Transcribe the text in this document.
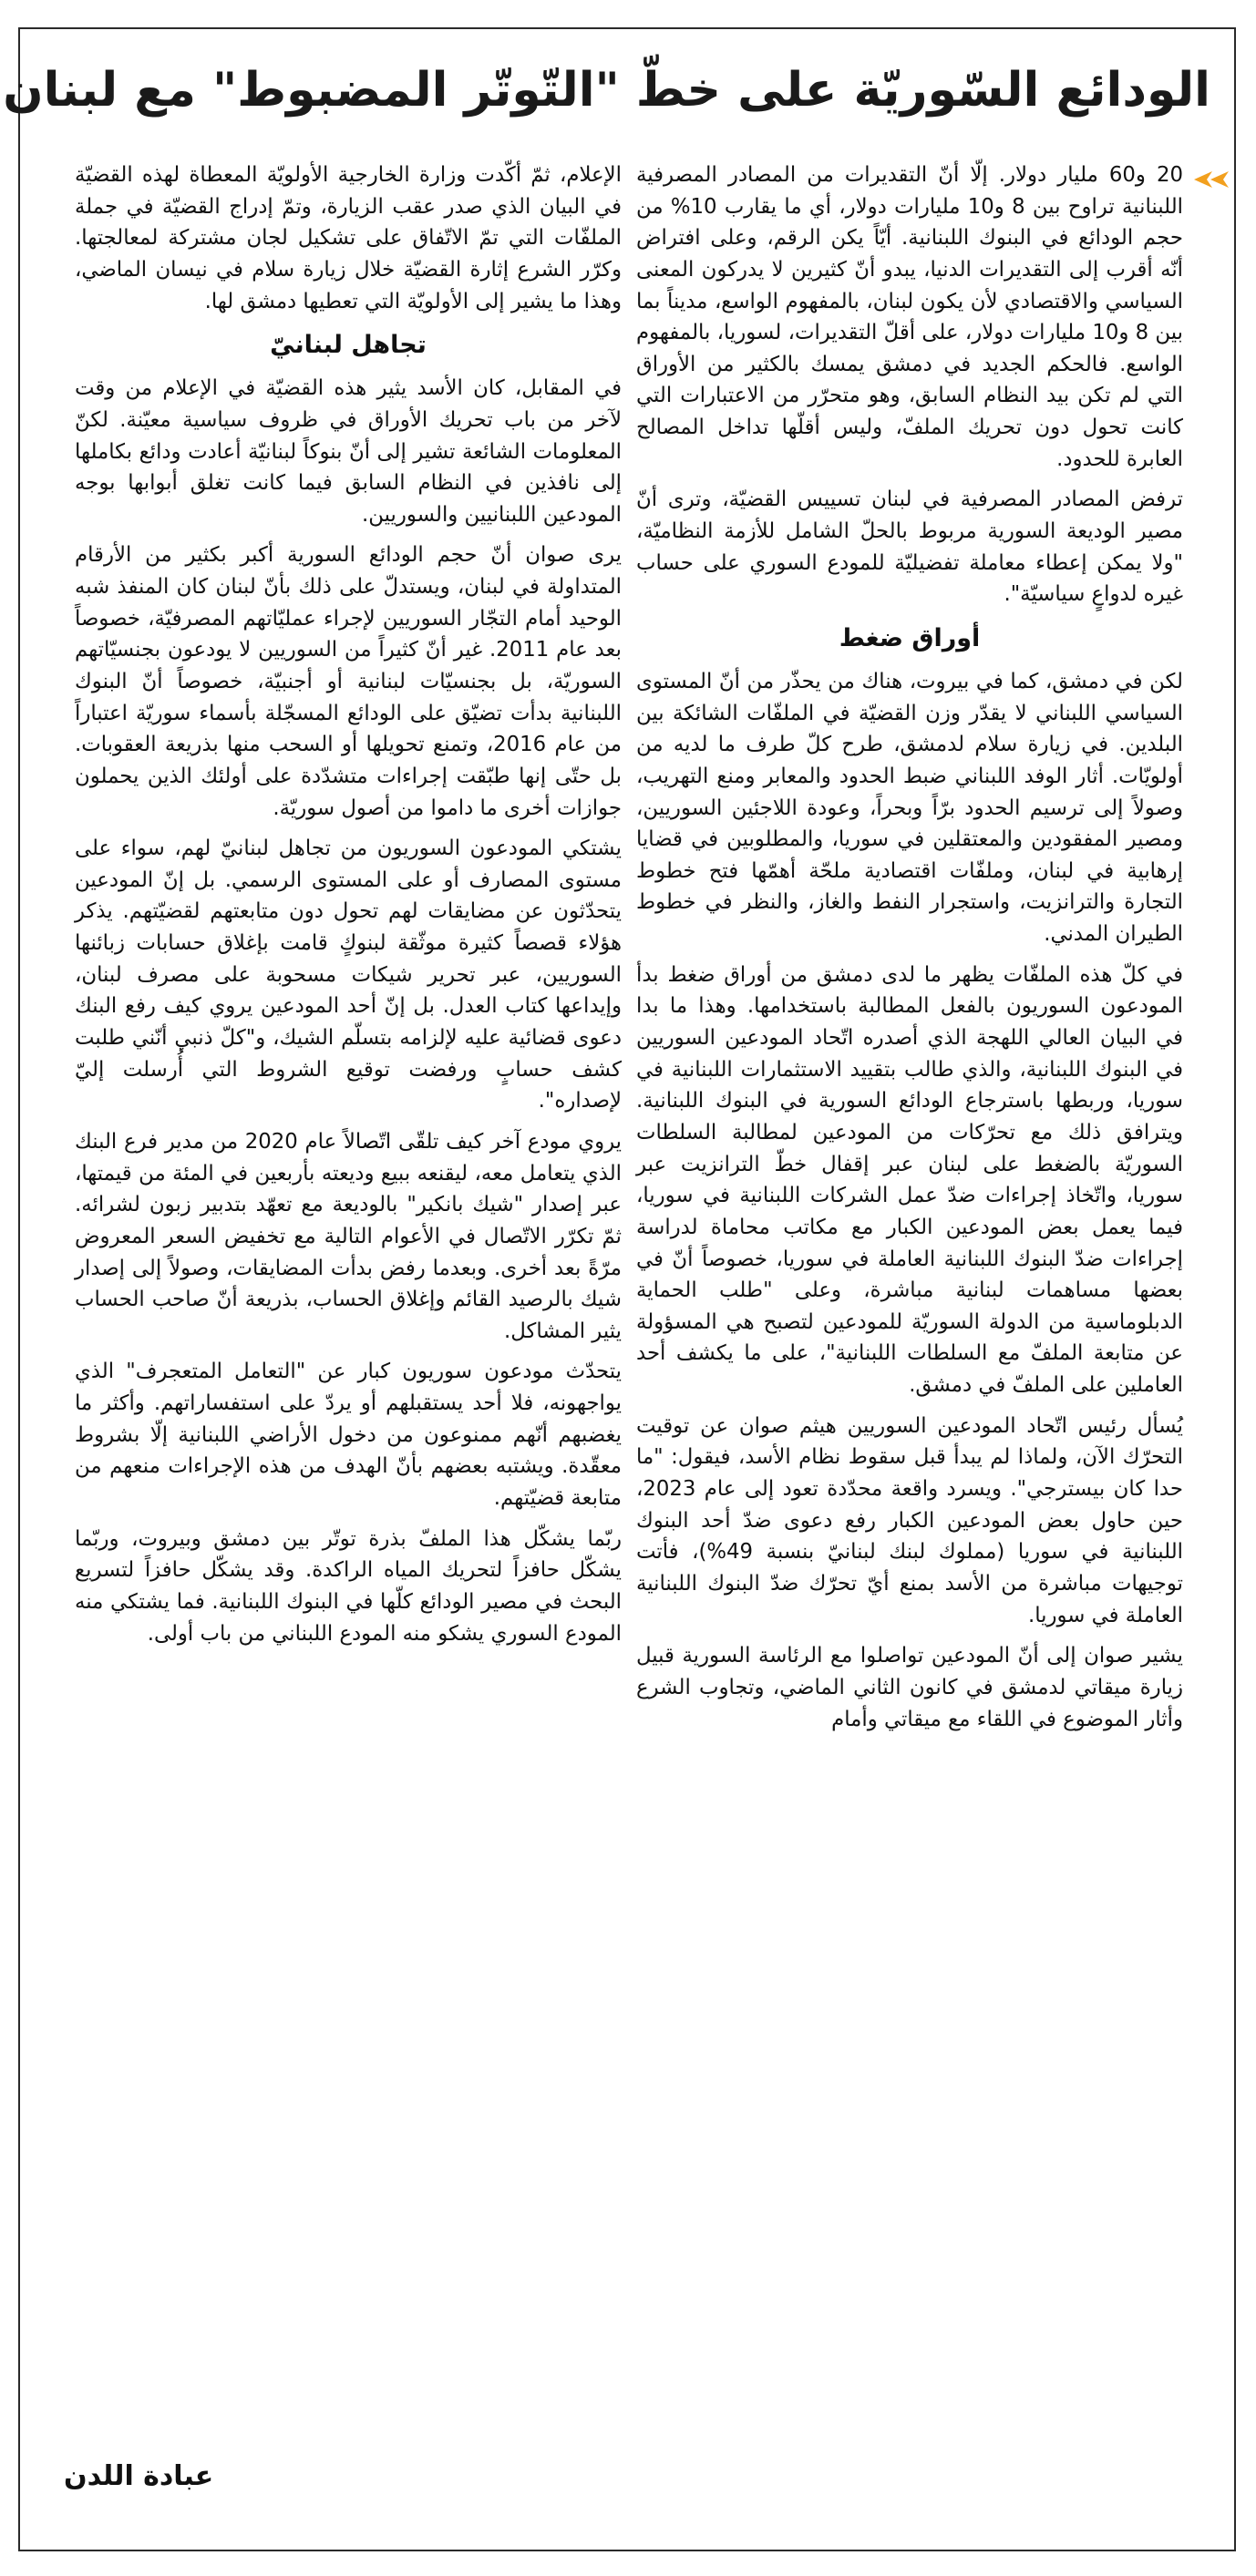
الودائع السّوريّة على خطّ "التّوتّر المضبوط" مع لبنان

20 و60 مليار دولار. إلّا أنّ التقديرات من المصادر المصرفية اللبنانية تراوح بين 8 و10 مليارات دولار، أي ما يقارب 10% من حجم الودائع في البنوك اللبنانية. أيّاً يكن الرقم، وعلى افتراض أنّه أقرب إلى التقديرات الدنيا، يبدو أنّ كثيرين لا يدركون المعنى السياسي والاقتصادي لأن يكون لبنان، بالمفهوم الواسع، مديناً بما بين 8 و10 مليارات دولار، على أقلّ التقديرات، لسوريا، بالمفهوم الواسع. فالحكم الجديد في دمشق يمسك بالكثير من الأوراق التي لم تكن بيد النظام السابق، وهو متحرّر من الاعتبارات التي كانت تحول دون تحريك الملفّ، وليس أقلّها تداخل المصالح العابرة للحدود.

ترفض المصادر المصرفية في لبنان تسييس القضيّة، وترى أنّ مصير الوديعة السورية مربوط بالحلّ الشامل للأزمة النظاميّة، "ولا يمكن إعطاء معاملة تفضيليّة للمودع السوري على حساب غيره لدواعٍ سياسيّة".

أوراق ضغط

لكن في دمشق، كما في بيروت، هناك من يحذّر من أنّ المستوى السياسي اللبناني لا يقدّر وزن القضيّة في الملفّات الشائكة بين البلدين. في زيارة سلام لدمشق، طرح كلّ طرف ما لديه من أولويّات. أثار الوفد اللبناني ضبط الحدود والمعابر ومنع التهريب، وصولاً إلى ترسيم الحدود برّاً وبحراً، وعودة اللاجئين السوريين، ومصير المفقودين والمعتقلين في سوريا، والمطلوبين في قضايا إرهابية في لبنان، وملفّات اقتصادية ملحّة أهمّها فتح خطوط التجارة والترانزيت، واستجرار النفط والغاز، والنظر في خطوط الطيران المدني.

في كلّ هذه الملفّات يظهر ما لدى دمشق من أوراق ضغط بدأ المودعون السوريون بالفعل المطالبة باستخدامها. وهذا ما بدا في البيان العالي اللهجة الذي أصدره اتّحاد المودعين السوريين في البنوك اللبنانية، والذي طالب بتقييد الاستثمارات اللبنانية في سوريا، وربطها باسترجاع الودائع السورية في البنوك اللبنانية. ويترافق ذلك مع تحرّكات من المودعين لمطالبة السلطات السوريّة بالضغط على لبنان عبر إقفال خطّ الترانزيت عبر سوريا، واتّخاذ إجراءات ضدّ عمل الشركات اللبنانية في سوريا، فيما يعمل بعض المودعين الكبار مع مكاتب محاماة لدراسة إجراءات ضدّ البنوك اللبنانية العاملة في سوريا، خصوصاً أنّ في بعضها مساهمات لبنانية مباشرة، وعلى "طلب الحماية الدبلوماسية من الدولة السوريّة للمودعين لتصبح هي المسؤولة عن متابعة الملفّ مع السلطات اللبنانية"، على ما يكشف أحد العاملين على الملفّ في دمشق.

يُسأل رئيس اتّحاد المودعين السوريين هيثم صوان عن توقيت التحرّك الآن، ولماذا لم يبدأ قبل سقوط نظام الأسد، فيقول: "ما حدا كان بيسترجي". ويسرد واقعة محدّدة تعود إلى عام 2023، حين حاول بعض المودعين الكبار رفع دعوى ضدّ أحد البنوك اللبنانية في سوريا (مملوك لبنك لبنانيّ بنسبة 49%)، فأتت توجيهات مباشرة من الأسد بمنع أيّ تحرّك ضدّ البنوك اللبنانية العاملة في سوريا.

يشير صوان إلى أنّ المودعين تواصلوا مع الرئاسة السورية قبيل زيارة ميقاتي لدمشق في كانون الثاني الماضي، وتجاوب الشرع وأثار الموضوع في اللقاء مع ميقاتي وأمام

الإعلام، ثمّ أكّدت وزارة الخارجية الأولويّة المعطاة لهذه القضيّة في البيان الذي صدر عقب الزيارة، وتمّ إدراج القضيّة في جملة الملفّات التي تمّ الاتّفاق على تشكيل لجان مشتركة لمعالجتها. وكرّر الشرع إثارة القضيّة خلال زيارة سلام في نيسان الماضي، وهذا ما يشير إلى الأولويّة التي تعطيها دمشق لها.

تجاهل لبنانيّ

في المقابل، كان الأسد يثير هذه القضيّة في الإعلام من وقت لآخر من باب تحريك الأوراق في ظروف سياسية معيّنة. لكنّ المعلومات الشائعة تشير إلى أنّ بنوكاً لبنانيّة أعادت ودائع بكاملها إلى نافذين في النظام السابق فيما كانت تغلق أبوابها بوجه المودعين اللبنانيين والسوريين.

يرى صوان أنّ حجم الودائع السورية أكبر بكثير من الأرقام المتداولة في لبنان، ويستدلّ على ذلك بأنّ لبنان كان المنفذ شبه الوحيد أمام التجّار السوريين لإجراء عمليّاتهم المصرفيّة، خصوصاً بعد عام 2011. غير أنّ كثيراً من السوريين لا يودعون بجنسيّاتهم السوريّة، بل بجنسيّات لبنانية أو أجنبيّة، خصوصاً أنّ البنوك اللبنانية بدأت تضيّق على الودائع المسجّلة بأسماء سوريّة اعتباراً من عام 2016، وتمنع تحويلها أو السحب منها بذريعة العقوبات. بل حتّى إنها طبّقت إجراءات متشدّدة على أولئك الذين يحملون جوازات أخرى ما داموا من أصول سوريّة.

يشتكي المودعون السوريون من تجاهل لبنانيّ لهم، سواء على مستوى المصارف أو على المستوى الرسمي. بل إنّ المودعين يتحدّثون عن مضايقات لهم تحول دون متابعتهم لقضيّتهم. يذكر هؤلاء قصصاً كثيرة موثّقة لبنوكٍ قامت بإغلاق حسابات زبائنها السوريين، عبر تحرير شيكات مسحوبة على مصرف لبنان، وإيداعها كتاب العدل. بل إنّ أحد المودعين يروي كيف رفع البنك دعوى قضائية عليه لإلزامه بتسلّم الشيك، و"كلّ ذنبي أنّني طلبت كشف حسابٍ ورفضت توقيع الشروط التي أُرسلت إليّ لإصداره".

يروي مودع آخر كيف تلقّى اتّصالاً عام 2020 من مدير فرع البنك الذي يتعامل معه، ليقنعه ببيع وديعته بأربعين في المئة من قيمتها، عبر إصدار "شيك بانكير" بالوديعة مع تعهّد بتدبير زبون لشرائه. ثمّ تكرّر الاتّصال في الأعوام التالية مع تخفيض السعر المعروض مرّةً بعد أخرى. وبعدما رفض بدأت المضايقات، وصولاً إلى إصدار شيك بالرصيد القائم وإغلاق الحساب، بذريعة أنّ صاحب الحساب يثير المشاكل.

يتحدّث مودعون سوريون كبار عن "التعامل المتعجرف" الذي يواجهونه، فلا أحد يستقبلهم أو يردّ على استفساراتهم. وأكثر ما يغضبهم أنّهم ممنوعون من دخول الأراضي اللبنانية إلّا بشروط معقّدة. ويشتبه بعضهم بأنّ الهدف من هذه الإجراءات منعهم من متابعة قضيّتهم.

ربّما يشكّل هذا الملفّ بذرة توتّر بين دمشق وبيروت، وربّما يشكّل حافزاً لتحريك المياه الراكدة. وقد يشكّل حافزاً لتسريع البحث في مصير الودائع كلّها في البنوك اللبنانية. فما يشتكي منه المودع السوري يشكو منه المودع اللبناني من باب أولى.

عبادة اللدن
